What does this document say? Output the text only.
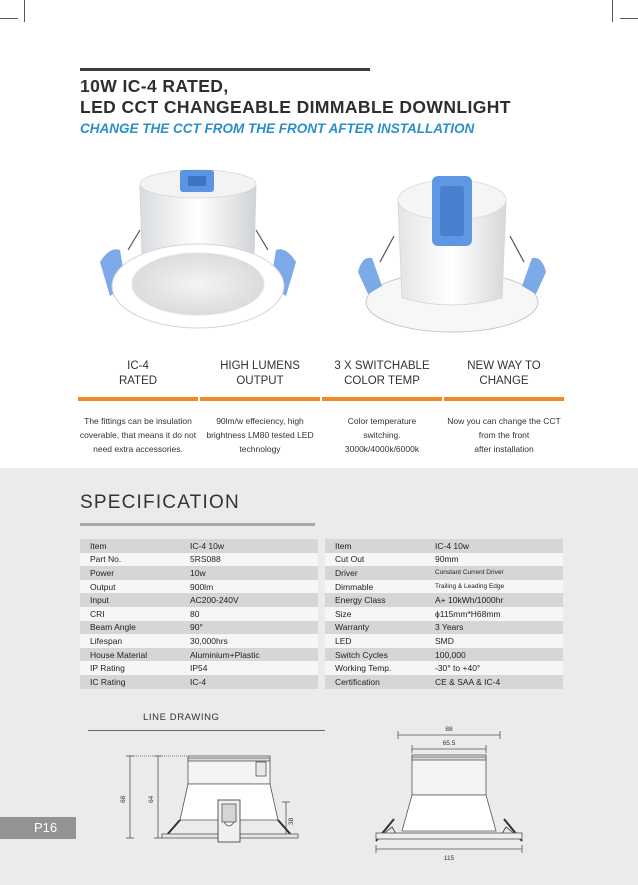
10W IC-4 RATED,
LED CCT CHANGEABLE DIMMABLE DOWNLIGHT
CHANGE THE CCT FROM THE FRONT AFTER INSTALLATION
IC-4
RATED
The fittings can be insulation
coverable, that means it do not
need extra accessories.
HIGH LUMENS
OUTPUT
90lm/w effeciency, high
brightness LM80 tested LED
technology
3 X SWITCHABLE
COLOR TEMP
Color temperature
switching.
3000k/4000k/6000k
NEW WAY TO CHANGE
Now you can change the CCT
from the front
after installation
SPECIFICATION
Item	IC-4 10w
Part No.	5RS088
Power	10w
Output	900lm
Input	AC200-240V
CRI	80
Beam Angle	90°
Lifespan	30,000hrs
House Material	Aluminium+Plastic
IP Rating	IP54
IC Rating	IC-4
Item	IC-4 10w
Cut Out	90mm
Driver	Constant Current Driver
Dimmable	Trailing & Leading Edge
Energy Class	A+ 10kWh/1000hr
Size	ϕ115mm*H68mm
Warranty	3 Years
LED	SMD
Switch Cycles	100,000
Working Temp.	-30° to +40°
Certification	CE & SAA & IC-4
LINE DRAWING
68	64
38
88
65.5
115
P16
